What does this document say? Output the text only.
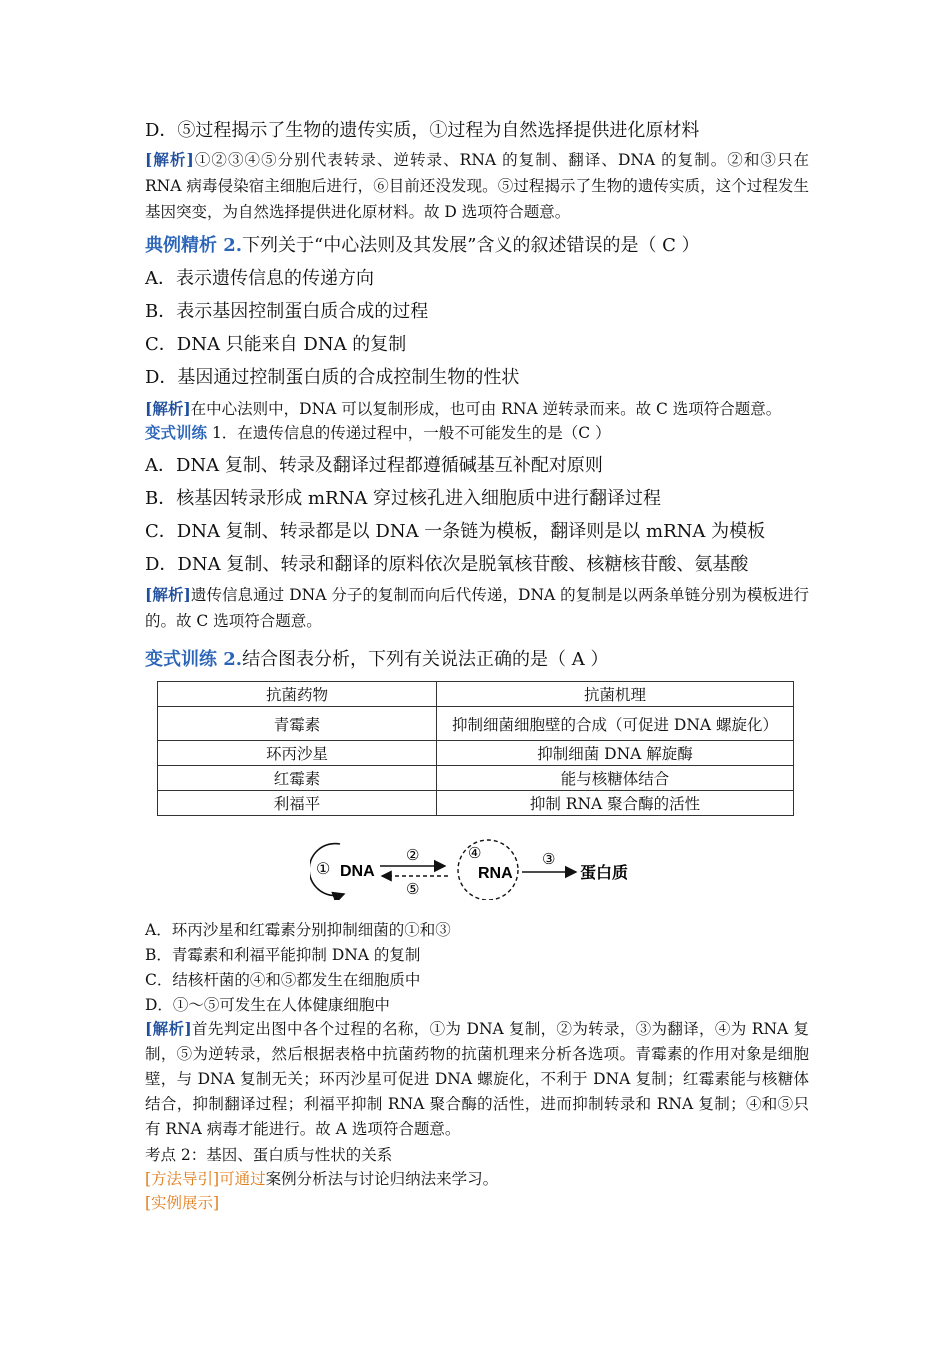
D．⑤过程揭示了生物的遗传实质，①过程为自然选择提供进化原材料
[解析]①②③④⑤分别代表转录、逆转录、RNA 的复制、翻译、DNA 的复制。②和③只在 RNA 病毒侵染宿主细胞后进行，⑥目前还没发现。⑤过程揭示了生物的遗传实质，这个过程发生基因突变，为自然选择提供进化原材料。故 D 选项符合题意。
典例精析 2.下列关于“中心法则及其发展”含义的叙述错误的是（ C ）
A．表示遗传信息的传递方向
B．表示基因控制蛋白质合成的过程
C．DNA 只能来自 DNA 的复制
D．基因通过控制蛋白质的合成控制生物的性状
[解析]在中心法则中，DNA 可以复制形成，也可由 RNA 逆转录而来。故 C 选项符合题意。
变式训练 1．在遗传信息的传递过程中，一般不可能发生的是（C ）
A．DNA 复制、转录及翻译过程都遵循碱基互补配对原则
B．核基因转录形成 mRNA 穿过核孔进入细胞质中进行翻译过程
C．DNA 复制、转录都是以 DNA 一条链为模板，翻译则是以 mRNA 为模板
D．DNA 复制、转录和翻译的原料依次是脱氧核苷酸、核糖核苷酸、氨基酸
[解析]遗传信息通过 DNA 分子的复制而向后代传递，DNA 的复制是以两条单链分别为模板进行的。故 C 选项符合题意。
变式训练 2.结合图表分析，下列有关说法正确的是（ A ）
抗菌药物	抗菌机理
青霉素	抑制细菌细胞壁的合成（可促进 DNA 螺旋化）
环丙沙星	抑制细菌 DNA 解旋酶
红霉素	能与核糖体结合
利福平	抑制 RNA 聚合酶的活性
① DNA
②
⑤
④
RNA
③
蛋白质
A．环丙沙星和红霉素分别抑制细菌的①和③
B．青霉素和利福平能抑制 DNA 的复制
C．结核杆菌的④和⑤都发生在细胞质中
D．①～⑤可发生在人体健康细胞中
[解析]首先判定出图中各个过程的名称，①为 DNA 复制，②为转录，③为翻译，④为 RNA 复制，⑤为逆转录，然后根据表格中抗菌药物的抗菌机理来分析各选项。青霉素的作用对象是细胞壁，与 DNA 复制无关；环丙沙星可促进 DNA 螺旋化，不利于 DNA 复制；红霉素能与核糖体结合，抑制翻译过程；利福平抑制 RNA 聚合酶的活性，进而抑制转录和 RNA 复制；④和⑤只有 RNA 病毒才能进行。故 A 选项符合题意。
考点 2：基因、蛋白质与性状的关系
[方法导引]可通过案例分析法与讨论归纳法来学习。
[实例展示]
